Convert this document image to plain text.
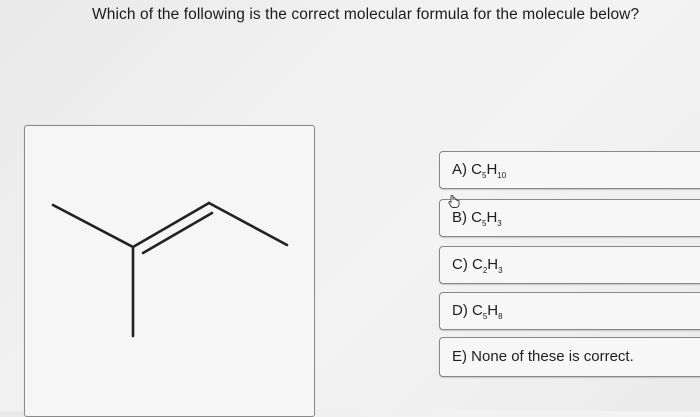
Which of the following is the correct molecular formula for the molecule below?
A) $C_5H_{10}$
B) $C_5H_3$
C) $C_2H_3$
D) $C_5H_8$
E) None of these is correct.
